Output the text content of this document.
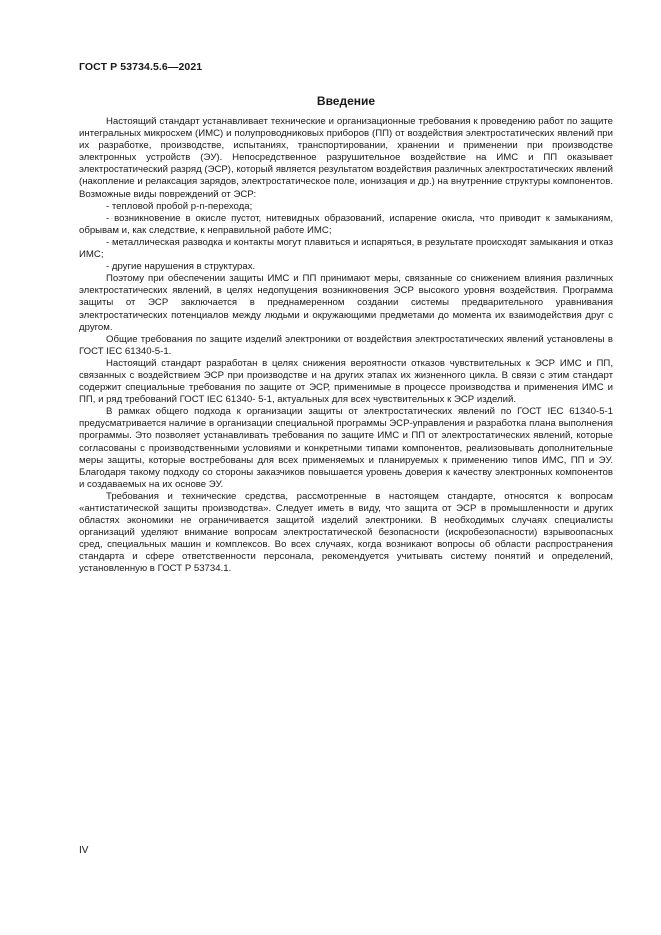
ГОСТ Р 53734.5.6—2021
Введение

Настоящий стандарт устанавливает технические и организационные требования к проведению работ по защите интегральных микросхем (ИМС) и полупроводниковых приборов (ПП) от воздействия электростатических явлений при их разработке, производстве, испытаниях, транспортировании, хранении и применении при производстве электронных устройств (ЭУ). Непосредственное разрушительное воздействие на ИМС и ПП оказывает электростатический разряд (ЭСР), который является результатом воздействия различных электростатических явлений (накопление и релаксация зарядов, электростатическое поле, ионизация и др.) на внутренние структуры компонентов. Возможные виды повреждений от ЭСР:

- тепловой пробой p-n-перехода;

- возникновение в окисле пустот, нитевидных образований, испарение окисла, что приводит к замыканиям, обрывам и, как следствие, к неправильной работе ИМС;

- металлическая разводка и контакты могут плавиться и испаряться, в результате происходят замыкания и отказ ИМС;

- другие нарушения в структурах.

Поэтому при обеспечении защиты ИМС и ПП принимают меры, связанные со снижением влияния различных электростатических явлений, в целях недопущения возникновения ЭСР высокого уровня воздействия. Программа защиты от ЭСР заключается в преднамеренном создании системы предварительного уравнивания электростатических потенциалов между людьми и окружающими предметами до момента их взаимодействия друг с другом.

Общие требования по защите изделий электроники от воздействия электростатических явлений установлены в ГОСТ IEC 61340-5-1.

Настоящий стандарт разработан в целях снижения вероятности отказов чувствительных к ЭСР ИМС и ПП, связанных с воздействием ЭСР при производстве и на других этапах их жизненного цикла. В связи с этим стандарт содержит специальные требования по защите от ЭСР, применимые в процессе производства и применения ИМС и ПП, и ряд требований ГОСТ IEC 61340- 5-1, актуальных для всех чувствительных к ЭСР изделий.

В рамках общего подхода к организации защиты от электростатических явлений по ГОСТ IEC 61340-5-1 предусматривается наличие в организации специальной программы ЭСР-управления и разработка плана выполнения программы. Это позволяет устанавливать требования по защите ИМС и ПП от электростатических явлений, которые согласованы с производственными условиями и конкретными типами компонентов, реализовывать дополнительные меры защиты, которые востребованы для всех применяемых и планируемых к применению типов ИМС, ПП и ЭУ. Благодаря такому подходу со стороны заказчиков повышается уровень доверия к качеству электронных компонентов и создаваемых на их основе ЭУ.

Требования и технические средства, рассмотренные в настоящем стандарте, относятся к вопросам «антистатической защиты производства». Следует иметь в виду, что защита от ЭСР в промышленности и других областях экономики не ограничивается защитой изделий электроники. В необходимых случаях специалисты организаций уделяют внимание вопросам электростатической безопасности (искробезопасности) взрывоопасных сред, специальных машин и комплексов. Во всех случаях, когда возникают вопросы об области распространения стандарта и сфере ответственности персонала, рекомендуется учитывать систему понятий и определений, установленную в ГОСТ Р 53734.1.

IV
